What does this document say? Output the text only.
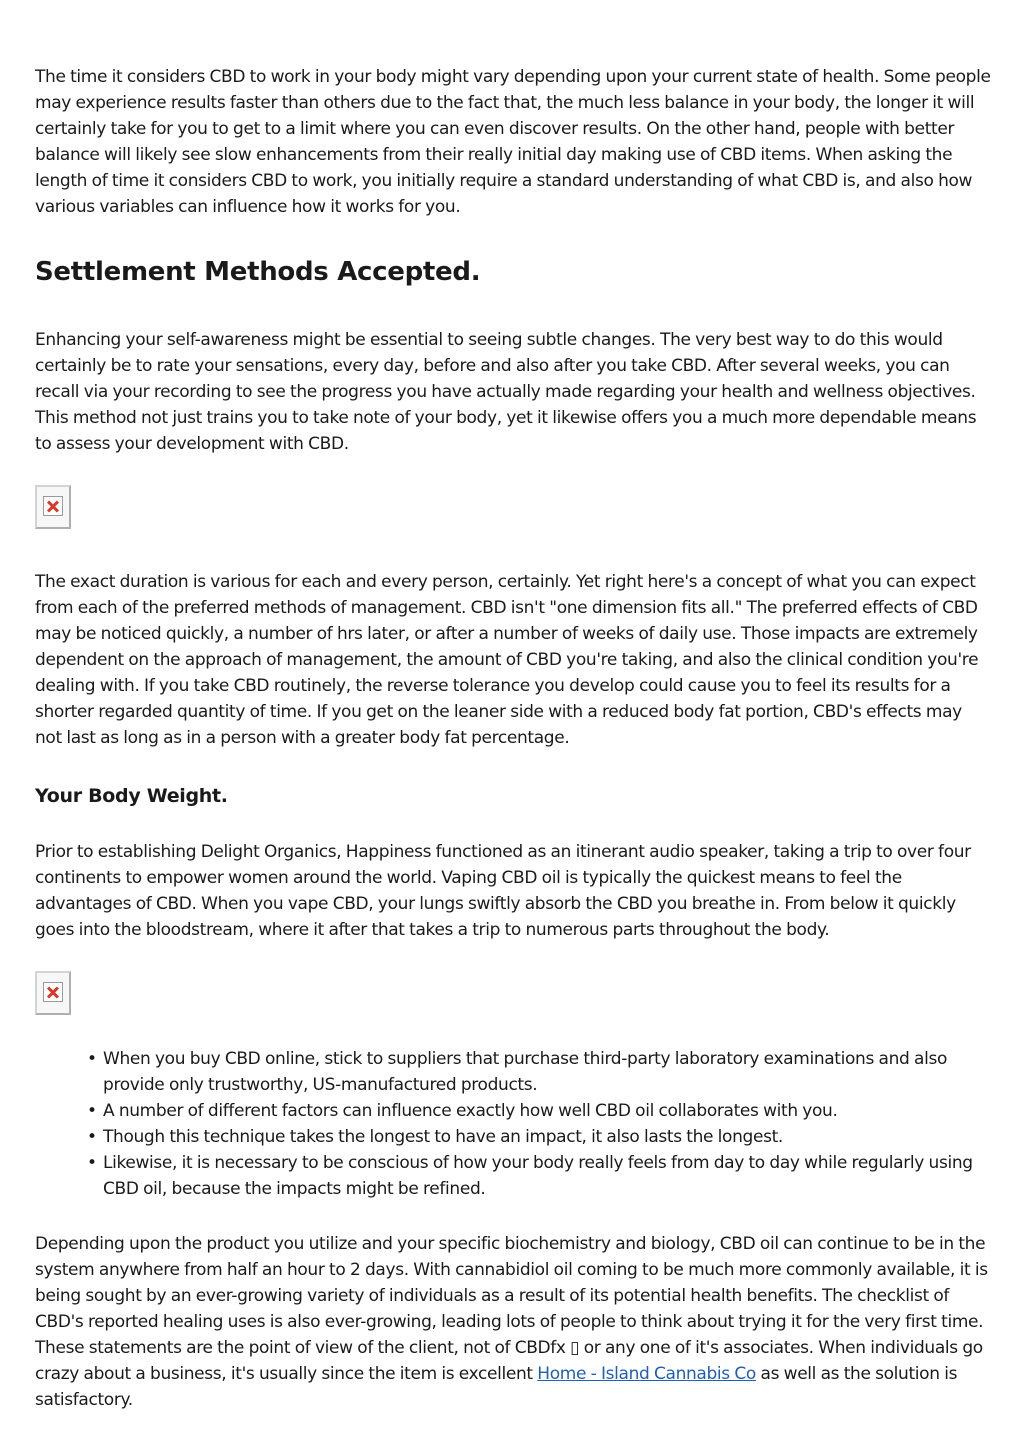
The time it considers CBD to work in your body might vary depending upon your current state of health. Some people may experience results faster than others due to the fact that, the much less balance in your body, the longer it will certainly take for you to get to a limit where you can even discover results. On the other hand, people with better balance will likely see slow enhancements from their really initial day making use of CBD items. When asking the length of time it considers CBD to work, you initially require a standard understanding of what CBD is, and also how various variables can influence how it works for you.

Settlement Methods Accepted.

Enhancing your self-awareness might be essential to seeing subtle changes. The very best way to do this would certainly be to rate your sensations, every day, before and also after you take CBD. After several weeks, you can recall via your recording to see the progress you have actually made regarding your health and wellness objectives. This method not just trains you to take note of your body, yet it likewise offers you a much more dependable means to assess your development with CBD.

The exact duration is various for each and every person, certainly. Yet right here's a concept of what you can expect from each of the preferred methods of management. CBD isn't "one dimension fits all." The preferred effects of CBD may be noticed quickly, a number of hrs later, or after a number of weeks of daily use. Those impacts are extremely dependent on the approach of management, the amount of CBD you're taking, and also the clinical condition you're dealing with. If you take CBD routinely, the reverse tolerance you develop could cause you to feel its results for a shorter regarded quantity of time. If you get on the leaner side with a reduced body fat portion, CBD's effects may not last as long as in a person with a greater body fat percentage.

Your Body Weight.

Prior to establishing Delight Organics, Happiness functioned as an itinerant audio speaker, taking a trip to over four continents to empower women around the world. Vaping CBD oil is typically the quickest means to feel the advantages of CBD. When you vape CBD, your lungs swiftly absorb the CBD you breathe in. From below it quickly goes into the bloodstream, where it after that takes a trip to numerous parts throughout the body.

• When you buy CBD online, stick to suppliers that purchase third-party laboratory examinations and also provide only trustworthy, US-manufactured products.
• A number of different factors can influence exactly how well CBD oil collaborates with you.
• Though this technique takes the longest to have an impact, it also lasts the longest.
• Likewise, it is necessary to be conscious of how your body really feels from day to day while regularly using CBD oil, because the impacts might be refined.

Depending upon the product you utilize and your specific biochemistry and biology, CBD oil can continue to be in the system anywhere from half an hour to 2 days. With cannabidiol oil coming to be much more commonly available, it is being sought by an ever-growing variety of individuals as a result of its potential health benefits. The checklist of CBD's reported healing uses is also ever-growing, leading lots of people to think about trying it for the very first time. These statements are the point of view of the client, not of CBDfx ▯ or any one of it's associates. When individuals go crazy about a business, it's usually since the item is excellent Home - Island Cannabis Co as well as the solution is satisfactory.
